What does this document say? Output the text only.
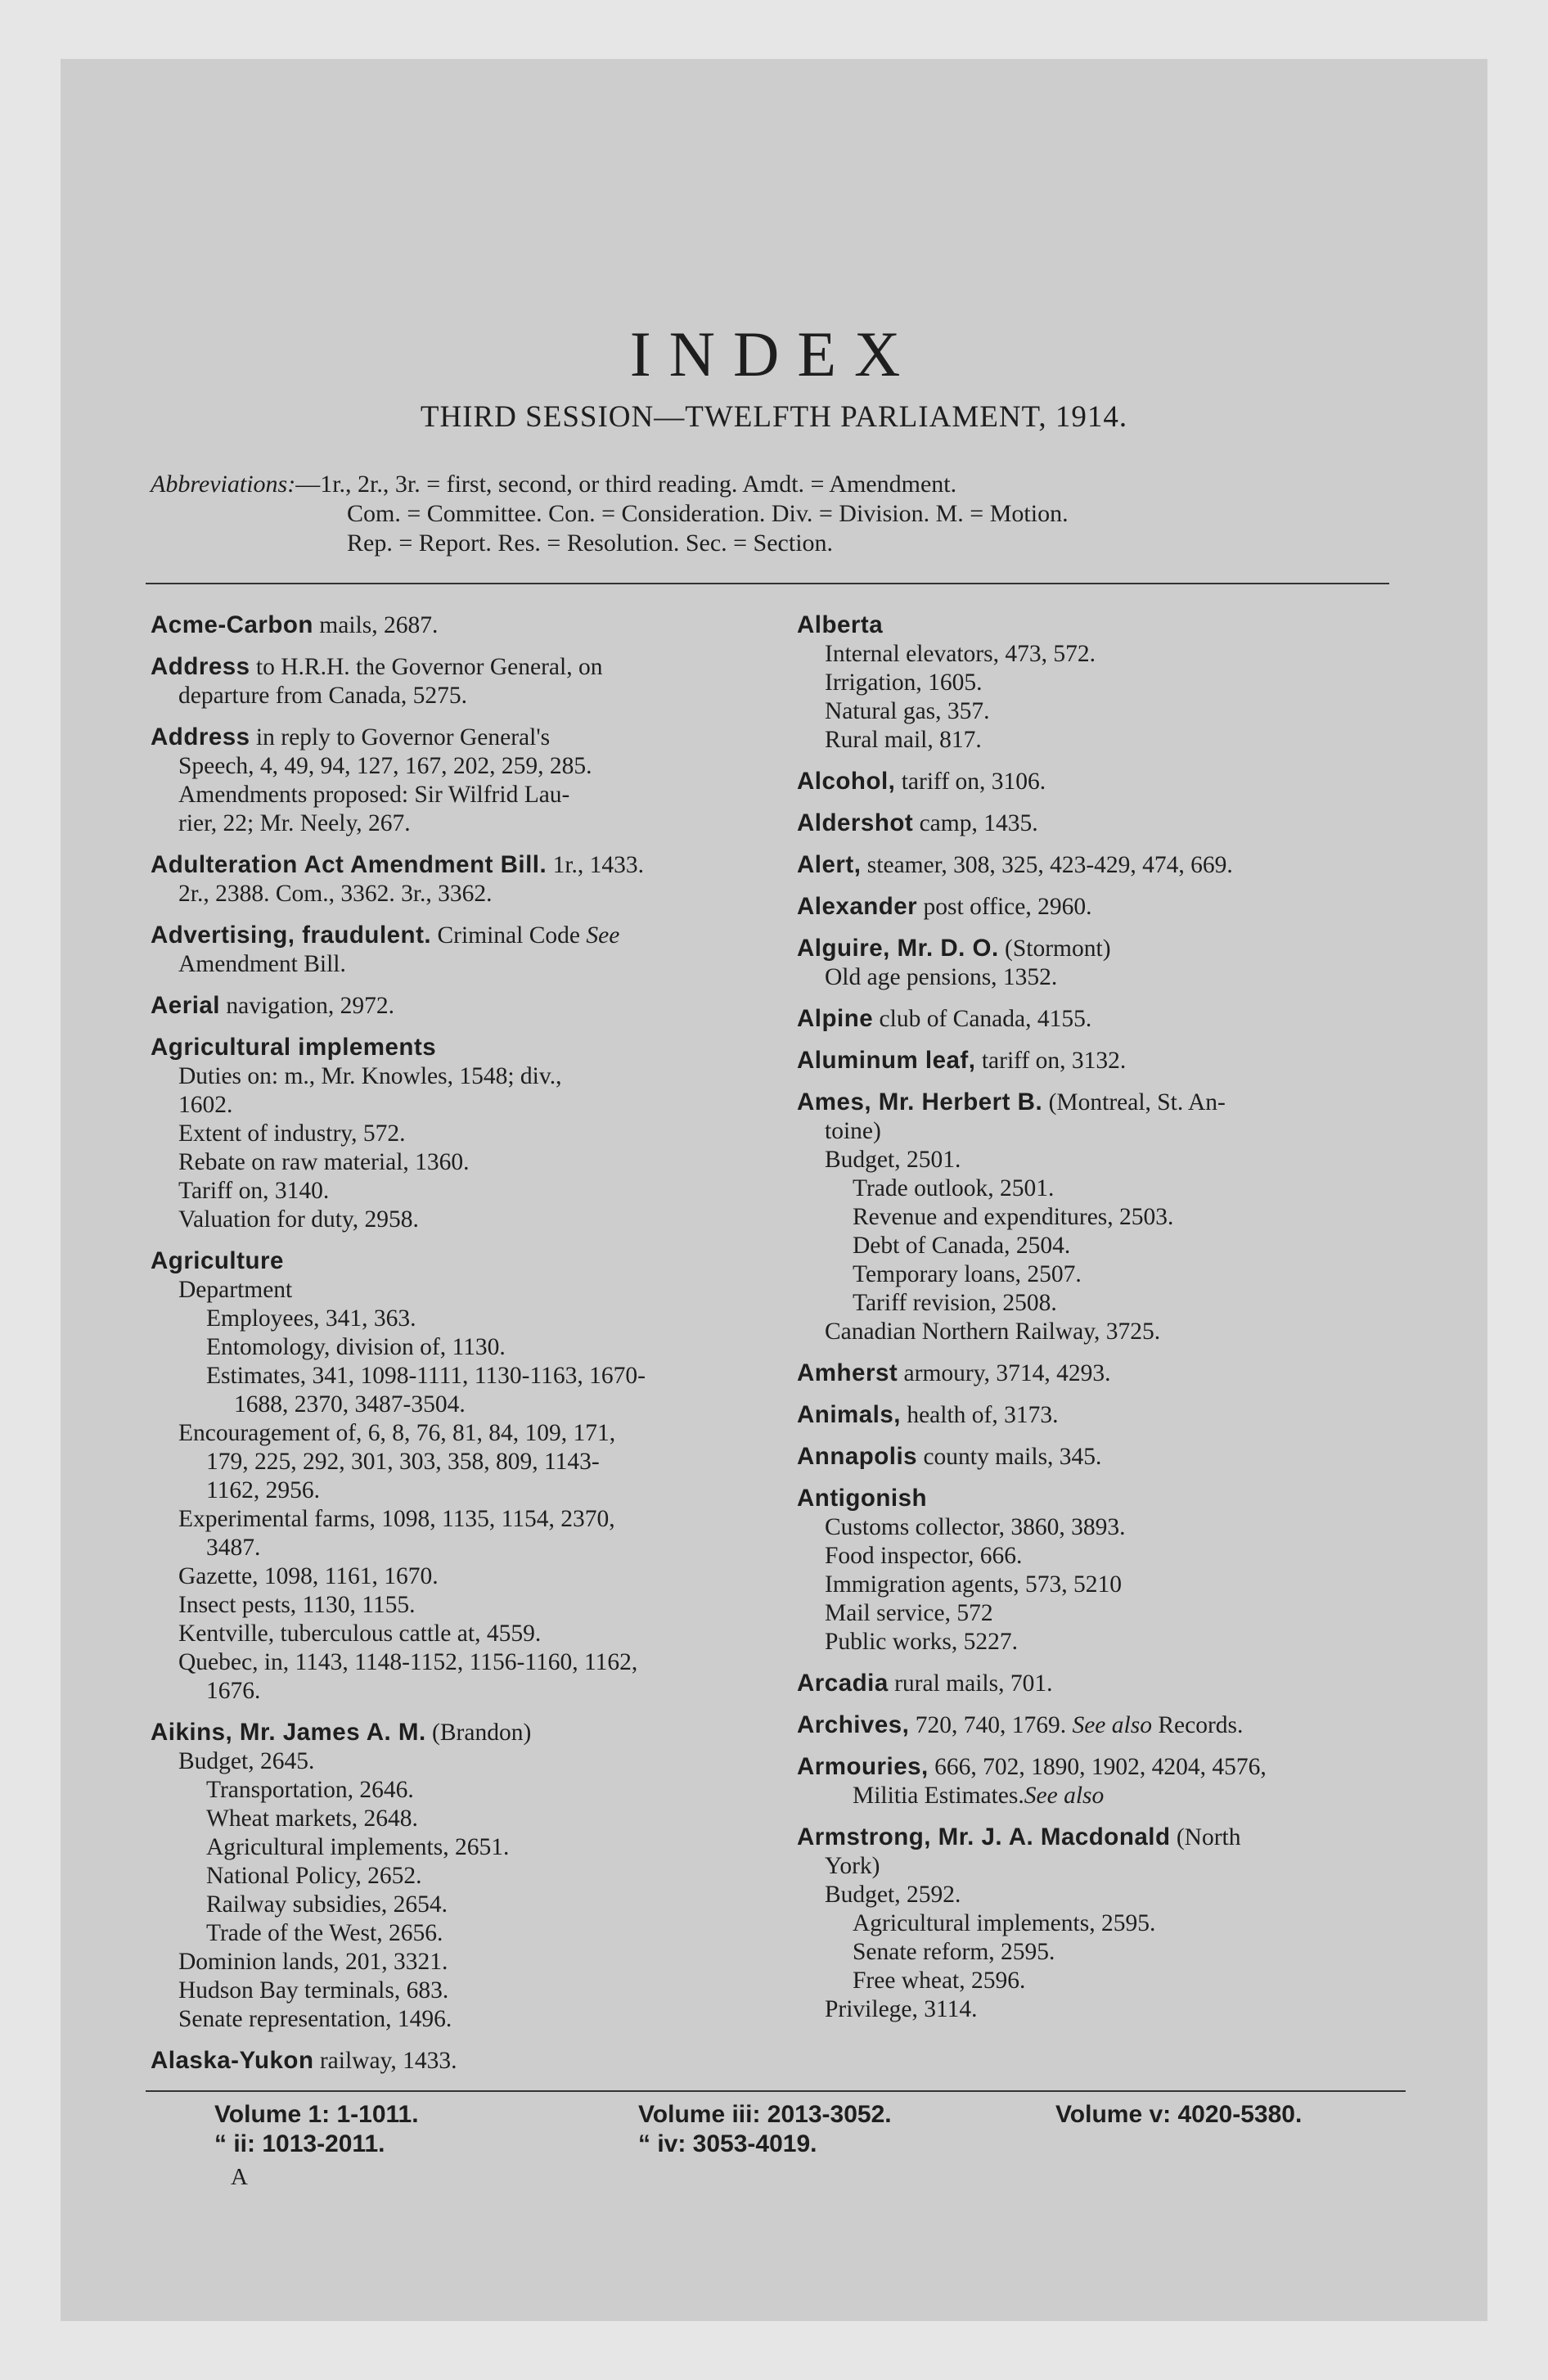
INDEX
THIRD SESSION—TWELFTH PARLIAMENT, 1914.
Abbreviations:—1r., 2r., 3r. = first, second, or third reading. Amdt. = Amendment.
Com. = Committee. Con. = Consideration. Div. = Division. M. = Motion.
Rep. = Report. Res. = Resolution. Sec. = Section.
Acme-Carbon mails, 2687.
Address to H.R.H. the Governor General, on
departure from Canada, 5275.
Address in reply to Governor General's
Speech, 4, 49, 94, 127, 167, 202, 259, 285.
Amendments proposed: Sir Wilfrid Lau-
rier, 22; Mr. Neely, 267.
Adulteration Act Amendment Bill. 1r., 1433.
2r., 2388. Com., 3362. 3r., 3362.
Advertising, fraudulent. Criminal Code See
Amendment Bill.
Aerial navigation, 2972.
Agricultural implements
Duties on: m., Mr. Knowles, 1548; div.,
1602.
Extent of industry, 572.
Rebate on raw material, 1360.
Tariff on, 3140.
Valuation for duty, 2958.
Agriculture
Department
Employees, 341, 363.
Entomology, division of, 1130.
Estimates, 341, 1098-1111, 1130-1163, 1670-
1688, 2370, 3487-3504.
Encouragement of, 6, 8, 76, 81, 84, 109, 171,
179, 225, 292, 301, 303, 358, 809, 1143-
1162, 2956.
Experimental farms, 1098, 1135, 1154, 2370,
3487.
Gazette, 1098, 1161, 1670.
Insect pests, 1130, 1155.
Kentville, tuberculous cattle at, 4559.
Quebec, in, 1143, 1148-1152, 1156-1160, 1162,
1676.
Aikins, Mr. James A. M. (Brandon)
Budget, 2645.
Transportation, 2646.
Wheat markets, 2648.
Agricultural implements, 2651.
National Policy, 2652.
Railway subsidies, 2654.
Trade of the West, 2656.
Dominion lands, 201, 3321.
Hudson Bay terminals, 683.
Senate representation, 1496.
Alaska-Yukon railway, 1433.
Alberta
Internal elevators, 473, 572.
Irrigation, 1605.
Natural gas, 357.
Rural mail, 817.
Alcohol, tariff on, 3106.
Aldershot camp, 1435.
Alert, steamer, 308, 325, 423-429, 474, 669.
Alexander post office, 2960.
Alguire, Mr. D. O. (Stormont)
Old age pensions, 1352.
Alpine club of Canada, 4155.
Aluminum leaf, tariff on, 3132.
Ames, Mr. Herbert B. (Montreal, St. An-
toine)
Budget, 2501.
Trade outlook, 2501.
Revenue and expenditures, 2503.
Debt of Canada, 2504.
Temporary loans, 2507.
Tariff revision, 2508.
Canadian Northern Railway, 3725.
Amherst armoury, 3714, 4293.
Animals, health of, 3173.
Annapolis county mails, 345.
Antigonish
Customs collector, 3860, 3893.
Food inspector, 666.
Immigration agents, 573, 5210
Mail service, 572
Public works, 5227.
Arcadia rural mails, 701.
Archives, 720, 740, 1769. See also Records.
Armouries, 666, 702, 1890, 1902, 4204, 4576,
Militia Estimates.See also
Armstrong, Mr. J. A. Macdonald (North
York)
Budget, 2592.
Agricultural implements, 2595.
Senate reform, 2595.
Free wheat, 2596.
Privilege, 3114.
Volume 1: 1-1011.
“ ii: 1013-2011.
Volume iii: 2013-3052.
“ iv: 3053-4019.
Volume v: 4020-5380.
A
